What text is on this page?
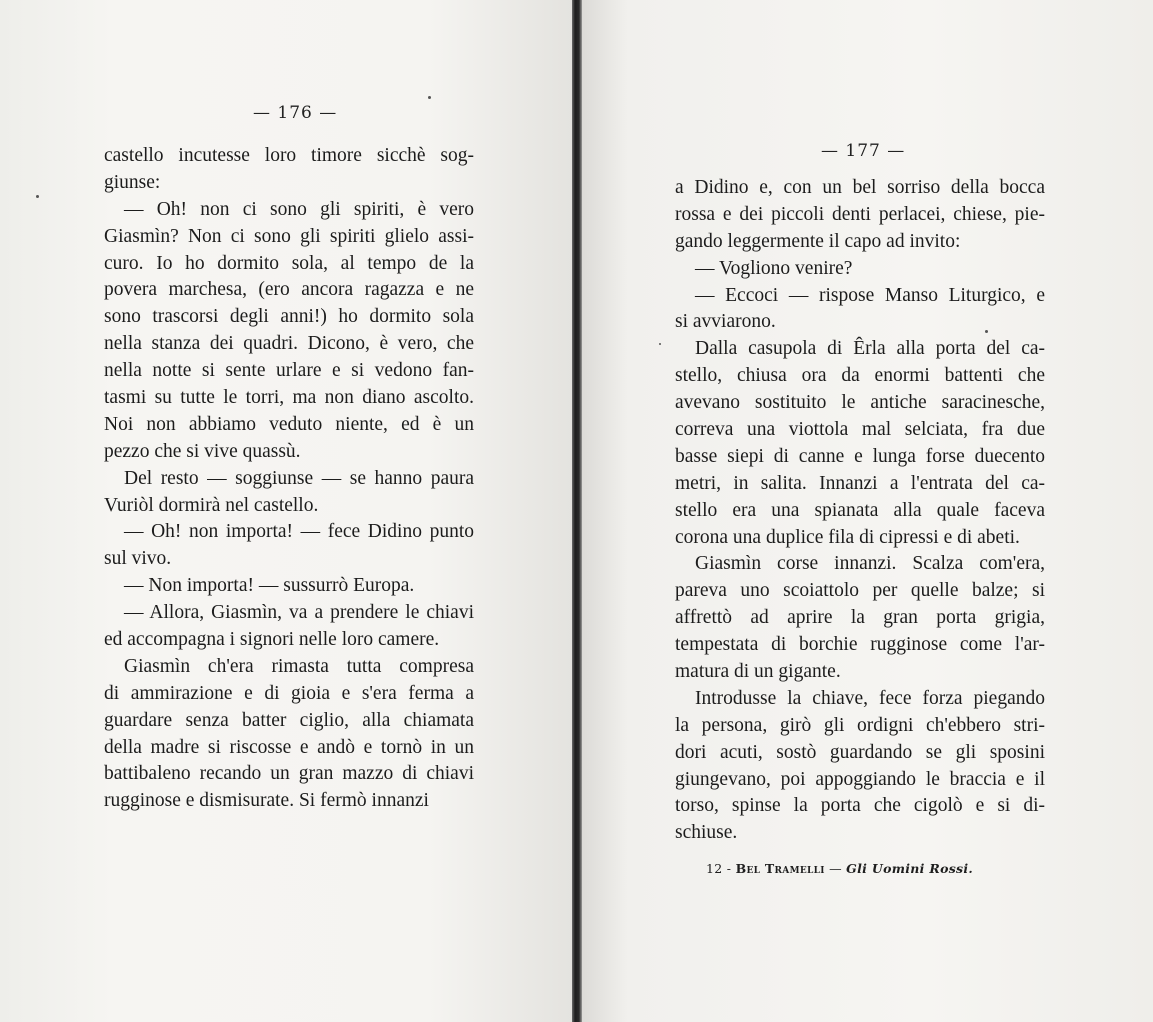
— 176 —
castello incutesse loro timore sicchè sog-
giunse:
— Oh! non ci sono gli spiriti, è vero
Giasmìn? Non ci sono gli spiriti glielo assi-
curo. Io ho dormito sola, al tempo de la
povera marchesa, (ero ancora ragazza e ne
sono trascorsi degli anni!) ho dormito sola
nella stanza dei quadri. Dicono, è vero, che
nella notte si sente urlare e si vedono fan-
tasmi su tutte le torri, ma non diano ascolto.
Noi non abbiamo veduto niente, ed è un
pezzo che si vive quassù.
Del resto — soggiunse — se hanno paura
Vuriòl dormirà nel castello.
— Oh! non importa! — fece Didino punto
sul vivo.
— Non importa! — sussurrò Europa.
— Allora, Giasmìn, va a prendere le chiavi
ed accompagna i signori nelle loro camere.
Giasmìn ch'era rimasta tutta compresa
di ammirazione e di gioia e s'era ferma a
guardare senza batter ciglio, alla chiamata
della madre si riscosse e andò e tornò in un
battibaleno recando un gran mazzo di chiavi
rugginose e dismisurate. Si fermò innanzi
— 177 —
a Didino e, con un bel sorriso della bocca
rossa e dei piccoli denti perlacei, chiese, pie-
gando leggermente il capo ad invito:
— Vogliono venire?
— Eccoci — rispose Manso Liturgico, e
si avviarono.
Dalla casupola di Êrla alla porta del ca-
stello, chiusa ora da enormi battenti che
avevano sostituito le antiche saracinesche,
correva una viottola mal selciata, fra due
basse siepi di canne e lunga forse duecento
metri, in salita. Innanzi a l'entrata del ca-
stello era una spianata alla quale faceva
corona una duplice fila di cipressi e di abeti.
Giasmìn corse innanzi. Scalza com'era,
pareva uno scoiattolo per quelle balze; si
affrettò ad aprire la gran porta grigia,
tempestata di borchie rugginose come l'ar-
matura di un gigante.
Introdusse la chiave, fece forza piegando
la persona, girò gli ordigni ch'ebbero stri-
dori acuti, sostò guardando se gli sposini
giungevano, poi appoggiando le braccia e il
torso, spinse la porta che cigolò e si di-
schiuse.
12 - Bel Tramelli — Gli Uomini Rossi.
